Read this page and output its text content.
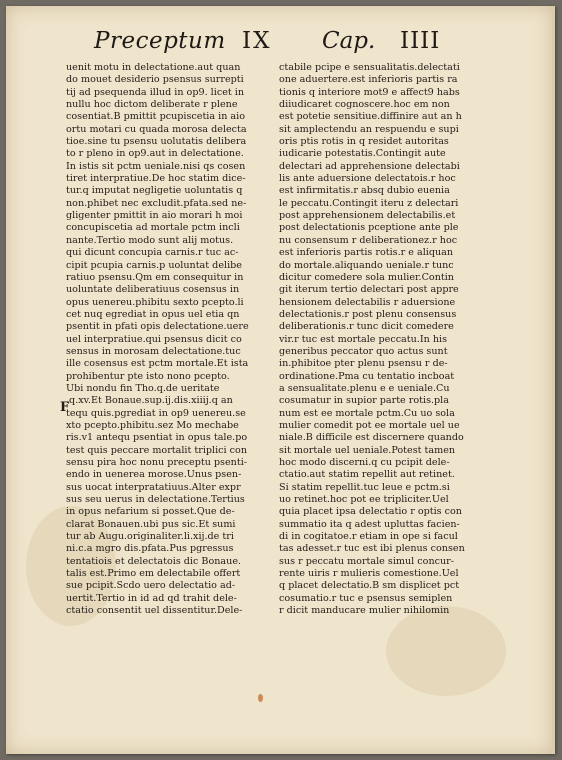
Preceptum IX Cap. IIII
F
uenit motu in delectatione.aut quan
do mouet desiderio psensus surrepti
tij ad psequenda illud in op9. licet in
nullu hoc dictom deliberate r plene
cosentiat.B pmittit pcupiscetia in aio
ortu motari cu quada morosa delecta
tioe.sine tu psensu uolutatis delibera
to r pleno in op9.aut in delectatione.
In istis sit pctm ueniale.nisi qs cosen
tiret interpratiue.De hoc statim dice-
tur.q imputat negligetie uoluntatis q
non.phibet nec excludit.pfata.sed ne-
gligenter pmittit in aio morari h moi
concupiscetia ad mortale pctm incli
nante.Tertio modo sunt alij motus.
qui dicunt concupia carnis.r tuc ac-
cipit pcupia carnis.p uoluntat delibe
ratiuo psensu.Qm em consequitur in
uoluntate deliberatiuus cosensus in
opus uenereu.phibitu sexto pcepto.li
cet nuq egrediat in opus uel etia qn
psentit in pfati opis delectatione.uere
uel interpratiue.qui psensus dicit co
sensus in morosam delectatione.tuc
ille cosensus est pctm mortale.Et ista
prohibentur pte isto nono pcepto.
Ubi nondu fin Tho.q.de ueritate
.q.xv.Et Bonaue.sup.ij.dis.xiiij.q an
tequ quis.pgrediat in op9 uenereu.se
xto pcepto.phibitu.sez Mo mechabe
ris.v1 antequ psentiat in opus tale.po
test quis peccare mortalit triplici con
sensu pira hoc nonu preceptu psenti-
endo in uenerea morose.Unus psen-
sus uocat interpratatiuus.Alter expr
sus seu uerus in delectatione.Tertius
in opus nefarium si posset.Que de-
clarat Bonauen.ubi pus sic.Et sumi
tur ab Augu.originaliter.li.xij.de tri
ni.c.a mgro dis.pfata.Pus pgressus
tentatiois et delectatois dic Bonaue.
talis est.Primo em delectabile offert
sue pcipit.Scdo uero delectatio ad-
uertit.Tertio in id ad qd trahit dele-
ctatio consentit uel dissentitur.Dele-
ctabile pcipe e sensualitatis.delectati
one aduertere.est inferioris partis ra
tionis q interiore mot9 e affect9 habs
diiudicaret cognoscere.hoc em non
est potetie sensitiue.diffinire aut an h
sit amplectendu an respuendu e supi
oris ptis rotis in q residet autoritas
iudicarie potestatis.Contingit aute
delectari ad apprehensione delectabi
lis ante aduersione delectatois.r hoc
est infirmitatis.r absq dubio euenia
le peccatu.Contingit iteru z delectari
post apprehensionem delectabilis.et
post delectationis pceptione ante ple
nu consensum r deliberationez.r hoc
est inferioris partis rotis.r e aliquan
do mortale.aliquando ueniale.r tunc
dicitur comedere sola mulier.Contin
git iterum tertio delectari post appre
hensionem delectabilis r aduersione
delectationis.r post plenu consensus
deliberationis.r tunc dicit comedere
vir.r tuc est mortale peccatu.In his
generibus peccator quo actus sunt
in.phibitoe pter plenu psensu r de-
ordinatione.Pma cu tentatio incboat
a sensualitate.plenu e e ueniale.Cu
cosumatur in supior parte rotis.pla
num est ee mortale pctm.Cu uo sola
mulier comedit pot ee mortale uel ue
niale.B difficile est discernere quando
sit mortale uel ueniale.Potest tamen
hoc modo discerni.q cu pcipit dele-
ctatio.aut statim repellit aut retinet.
Si statim repellit.tuc leue e pctm.si
uo retinet.hoc pot ee tripliciter.Uel
quia placet ipsa delectatio r optis con
summatio ita q adest upluttas facien-
di in cogitatoe.r etiam in ope si facul
tas adesset.r tuc est ibi plenus consen
sus r peccatu mortale simul concur-
rente uiris r mulieris comestione.Uel
q placet delectatio.B sm displicet pct
cosumatio.r tuc e psensus semiplen
r dicit manducare mulier nihilomin
